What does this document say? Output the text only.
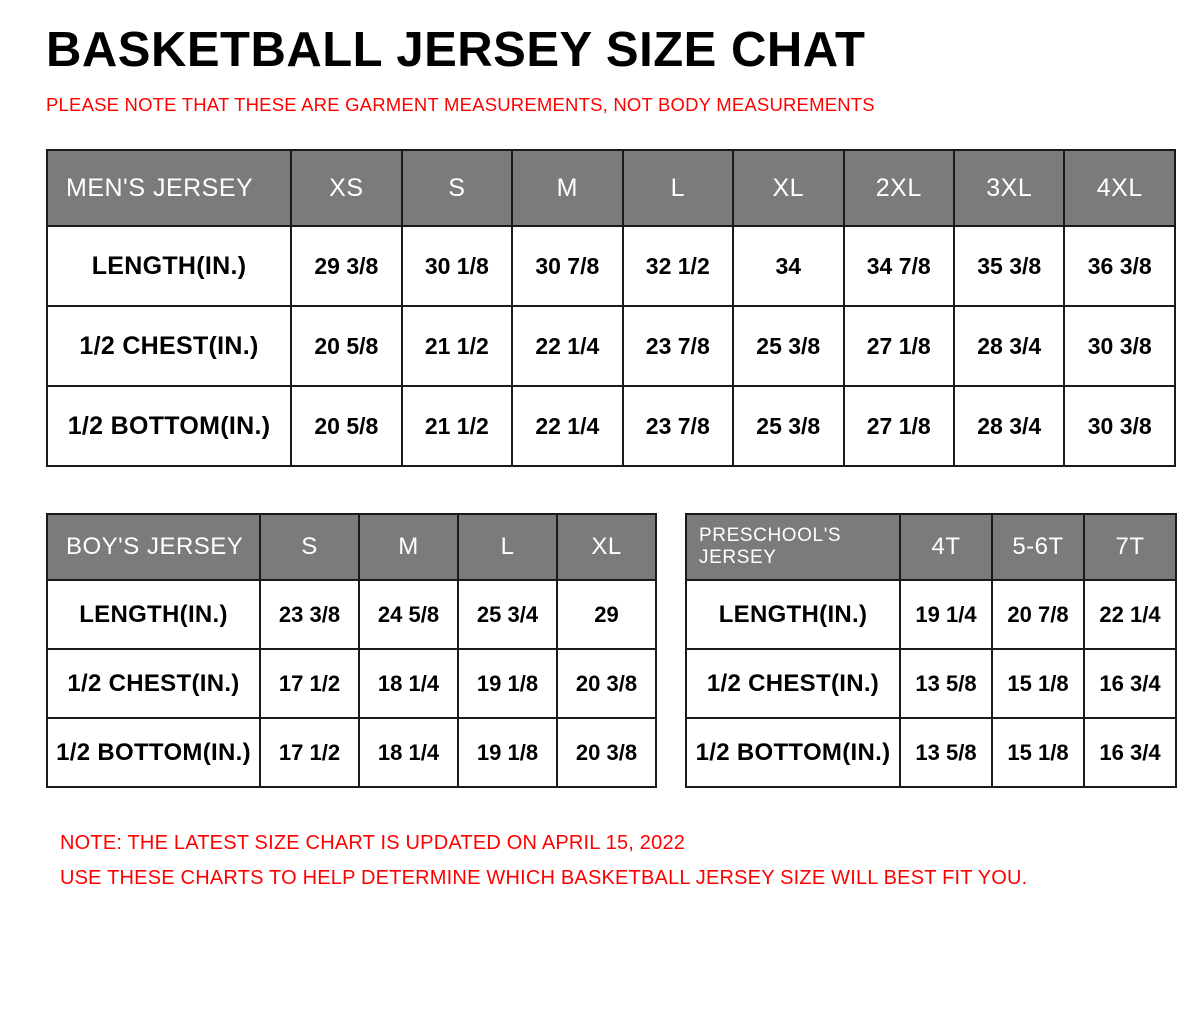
BASKETBALL JERSEY SIZE CHAT
PLEASE NOTE THAT THESE ARE GARMENT MEASUREMENTS, NOT BODY MEASUREMENTS
MEN'S JERSEY	XS	S	M	L	XL	2XL	3XL	4XL
LENGTH(IN.)	29 3/8	30 1/8	30 7/8	32 1/2	34	34 7/8	35 3/8	36 3/8
1/2 CHEST(IN.)	20 5/8	21 1/2	22 1/4	23 7/8	25 3/8	27 1/8	28 3/4	30 3/8
1/2 BOTTOM(IN.)	20 5/8	21 1/2	22 1/4	23 7/8	25 3/8	27 1/8	28 3/4	30 3/8
BOY'S JERSEY	S	M	L	XL
LENGTH(IN.)	23 3/8	24 5/8	25 3/4	29
1/2 CHEST(IN.)	17 1/2	18 1/4	19 1/8	20 3/8
1/2 BOTTOM(IN.)	17 1/2	18 1/4	19 1/8	20 3/8
PRESCHOOL'S JERSEY	4T	5-6T	7T
LENGTH(IN.)	19 1/4	20 7/8	22 1/4
1/2 CHEST(IN.)	13 5/8	15 1/8	16 3/4
1/2 BOTTOM(IN.)	13 5/8	15 1/8	16 3/4
NOTE: THE LATEST SIZE CHART IS UPDATED ON APRIL 15, 2022
USE THESE CHARTS TO HELP DETERMINE WHICH BASKETBALL JERSEY SIZE WILL BEST FIT YOU.
